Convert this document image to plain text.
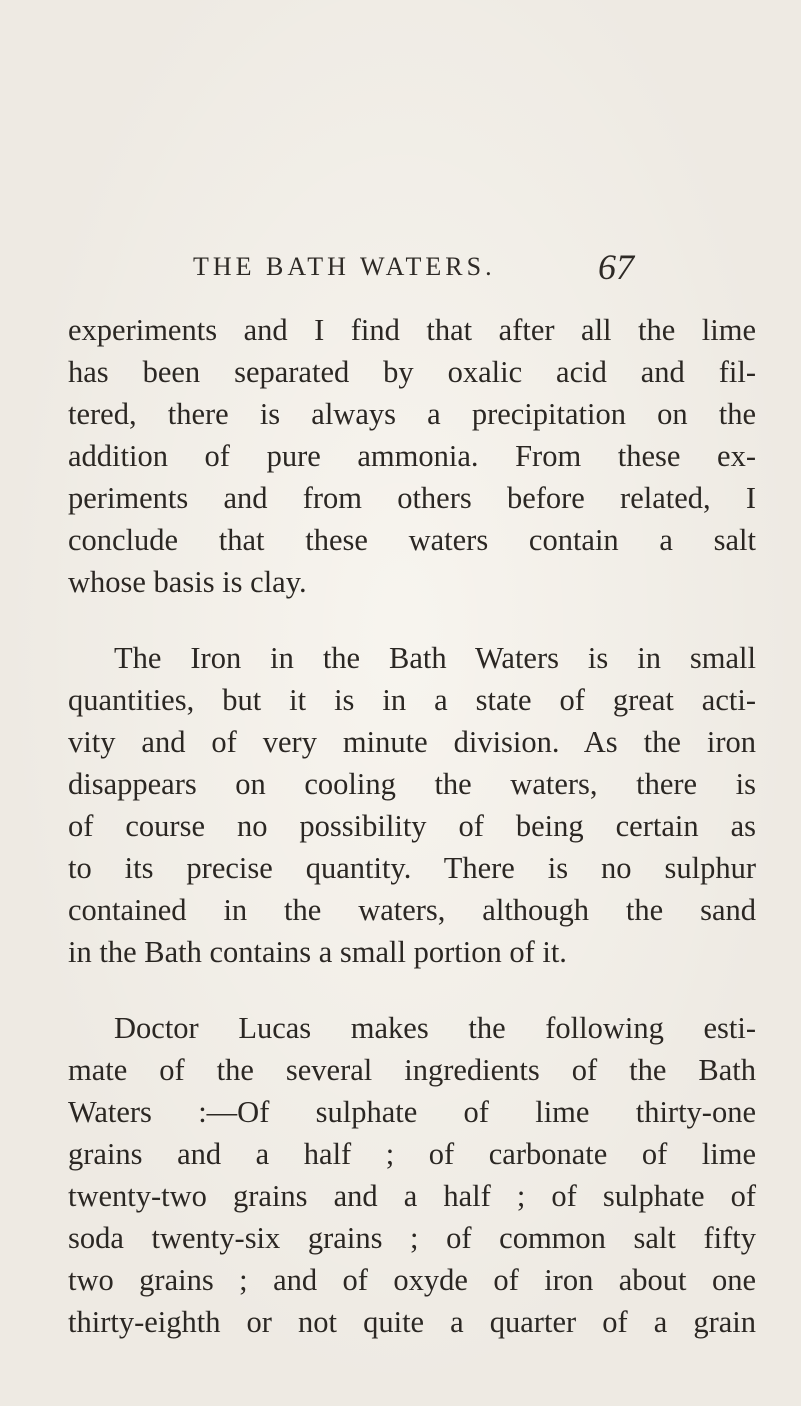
THE BATH WATERS.	67
experiments and I find that after all the lime
has been separated by oxalic acid and fil-
tered, there is always a precipitation on the
addition of pure ammonia. From these ex-
periments and from others before related, I
conclude that these waters contain a salt
whose basis is clay.
The Iron in the Bath Waters is in small
quantities, but it is in a state of great acti-
vity and of very minute division. As the iron
disappears on cooling the waters, there is
of course no possibility of being certain as
to its precise quantity. There is no sulphur
contained in the waters, although the sand
in the Bath contains a small portion of it.
Doctor Lucas makes the following esti-
mate of the several ingredients of the Bath
Waters :—Of sulphate of lime thirty-one
grains and a half ; of carbonate of lime
twenty-two grains and a half ; of sulphate of
soda twenty-six grains ; of common salt fifty
two grains ; and of oxyde of iron about one
thirty-eighth or not quite a quarter of a grain
